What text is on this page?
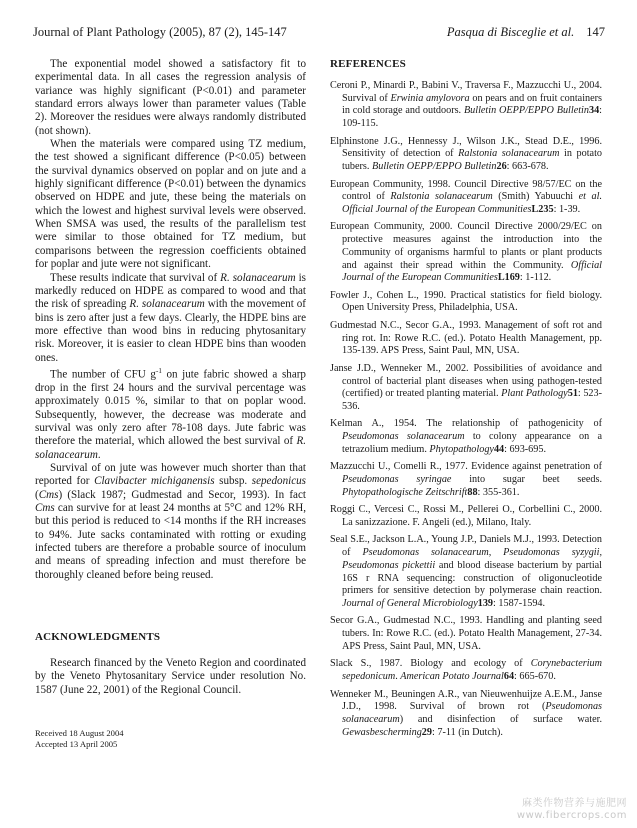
Journal of Plant Pathology (2005), 87 (2), 145-147	Pasqua di Bisceglie et al. 147

The exponential model showed a satisfactory fit to experimental data. In all cases the regression analysis of variance was highly significant (P<0.01) and parameter standard errors always lower than parameter values (Table 2). Moreover the residues were always randomly distributed (not shown).

When the materials were compared using TZ medium, the test showed a significant difference (P<0.05) between the survival dynamics observed on poplar and on jute and a highly significant difference (P<0.01) between the dynamics observed on HDPE and jute, these being the materials on which the lowest and highest survival levels were observed. When SMSA was used, the results of the parallelism test were similar to those obtained for TZ medium, but comparisons between the regression coefficients obtained for poplar and jute were not significant.

These results indicate that survival of R. solanacearum is markedly reduced on HDPE as compared to wood and that the risk of spreading R. solanacearum with the movement of bins is zero after just a few days. Clearly, the HDPE bins are more effective than wood bins in reducing phytosanitary risk. Moreover, it is easier to clean HDPE bins than wooden ones.

The number of CFU $g^{-1}$ on jute fabric showed a sharp drop in the first 24 hours and the survival percentage was approximately 0.015 %, similar to that on poplar wood. Subsequently, however, the decrease was moderate and survival was only zero after 78-108 days. Jute fabric was therefore the material, which allowed the best survival of R. solanacearum.

Survival of on jute was however much shorter than that reported for Clavibacter michiganensis subsp. sepedonicus (Cms) (Slack 1987; Gudmestad and Secor, 1993). In fact Cms can survive for at least 24 months at 5°C and 12% RH, but this period is reduced to <14 months if the RH increases to 94%. Jute sacks contaminated with rotting or exuding infected tubers are therefore a probable source of inoculum and means of spreading infection and must therefore be thoroughly cleaned before being reused.

ACKNOWLEDGMENTS

Research financed by the Veneto Region and coordinated by the Veneto Phytosanitary Service under resolution No. 1587 (June 22, 2001) of the Regional Council.

Received 18 August 2004

Accepted 13 April 2005

REFERENCES

Ceroni P., Minardi P., Babini V., Traversa F., Mazzucchi U., 2004. Survival of Erwinia amylovora on pears and on fruit containers in cold storage and outdoors. Bulletin OEPP/EPPO Bulletin34: 109-115.

Elphinstone J.G., Hennessy J., Wilson J.K., Stead D.E., 1996. Sensitivity of detection of Ralstonia solanacearum in potato tubers. Bulletin OEPP/EPPO Bulletin26: 663-678.

European Community, 1998. Council Directive 98/57/EC on the control of Ralstonia solanacearum (Smith) Yabuuchi et al. Official Journal of the European CommunitiesL235: 1-39.

European Community, 2000. Council Directive 2000/29/EC on protective measures against the introduction into the Community of organisms harmful to plants or plant products and against their spread within the Community. Official Journal of the European CommunitiesL169: 1-112.

Fowler J., Cohen L., 1990. Practical statistics for field biology. Open University Press, Philadelphia, USA.

Gudmestad N.C., Secor G.A., 1993. Management of soft rot and ring rot. In: Rowe R.C. (ed.). Potato Health Management, pp. 135-139. APS Press, Saint Paul, MN, USA.

Janse J.D., Wenneker M., 2002. Possibilities of avoidance and control of bacterial plant diseases when using pathogen-tested (certified) or treated planting material. Plant Pathology51: 523-536.

Kelman A., 1954. The relationship of pathogenicity of Pseudomonas solanacearum to colony appearance on a tetrazolium medium. Phytopathology44: 693-695.

Mazzucchi U., Comelli R., 1977. Evidence against penetration of Pseudomonas syringae into sugar beet seeds. Phytopathologische Zeitschrift88: 355-361.

Roggi C., Vercesi C., Rossi M., Pellerei O., Corbellini C., 2000. La sanizzazione. F. Angeli (ed.), Milano, Italy.

Seal S.E., Jackson L.A., Young J.P., Daniels M.J., 1993. Detection of Pseudomonas solanacearum, Pseudomonas syzygii, Pseudomonas pickettii and blood disease bacterium by partial 16S r RNA sequencing: construction of oligonucleotide primers for sensitive detection by polymerase chain reaction. Journal of General Microbiology139: 1587-1594.

Secor G.A., Gudmestad N.C., 1993. Handling and planting seed tubers. In: Rowe R.C. (ed.). Potato Health Management, 27-34. APS Press, Saint Paul, MN, USA.

Slack S., 1987. Biology and ecology of Corynebacterium sepedonicum. American Potato Journal64: 665-670.

Wenneker M., Beuningen A.R., van Nieuwenhuijze A.E.M., Janse J.D., 1998. Survival of brown rot (Pseudomonas solanacearum) and disinfection of surface water. Gewasbescherming29: 7-11 (in Dutch).

麻类作物营养与施肥网
www.fibercrops.com
